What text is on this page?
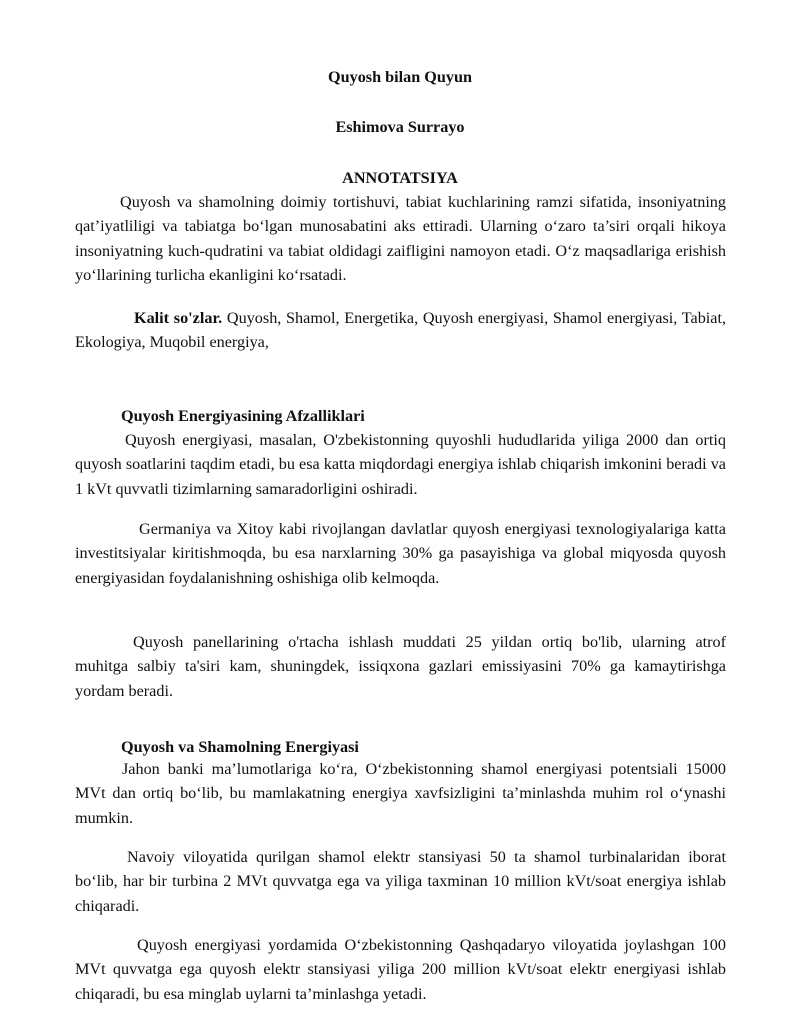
Quyosh bilan Quyun
Eshimova Surrayo
ANNOTATSIYA

Quyosh va shamolning doimiy tortishuvi, tabiat kuchlarining ramzi sifatida, insoniyatning qat’iyatliligi va tabiatga bo‘lgan munosabatini aks ettiradi. Ularning o‘zaro ta’siri orqali hikoya insoniyatning kuch-qudratini va tabiat oldidagi zaifligini namoyon etadi. O‘z maqsadlariga erishish yo‘llarining turlicha ekanligini ko‘rsatadi.

Kalit so'zlar. Quyosh, Shamol, Energetika, Quyosh energiyasi, Shamol energiyasi, Tabiat, Ekologiya, Muqobil energiya,

Quyosh Energiyasining Afzalliklari

Quyosh energiyasi, masalan, O'zbekistonning quyoshli hududlarida yiliga 2000 dan ortiq quyosh soatlarini taqdim etadi, bu esa katta miqdordagi energiya ishlab chiqarish imkonini beradi va 1 kVt quvvatli tizimlarning samaradorligini oshiradi.

Germaniya va Xitoy kabi rivojlangan davlatlar quyosh energiyasi texnologiyalariga katta investitsiyalar kiritishmoqda, bu esa narxlarning 30% ga pasayishiga va global miqyosda quyosh energiyasidan foydalanishning oshishiga olib kelmoqda.

Quyosh panellarining o'rtacha ishlash muddati 25 yildan ortiq bo'lib, ularning atrof muhitga salbiy ta'siri kam, shuningdek, issiqxona gazlari emissiyasini 70% ga kamaytirishga yordam beradi.

Quyosh va Shamolning Energiyasi

Jahon banki ma’lumotlariga ko‘ra, O‘zbekistonning shamol energiyasi potentsiali 15000 MVt dan ortiq bo‘lib, bu mamlakatning energiya xavfsizligini ta’minlashda muhim rol o‘ynashi mumkin.

Navoiy viloyatida qurilgan shamol elektr stansiyasi 50 ta shamol turbinalaridan iborat bo‘lib, har bir turbina 2 MVt quvvatga ega va yiliga taxminan 10 million kVt/soat energiya ishlab chiqaradi.

Quyosh energiyasi yordamida O‘zbekistonning Qashqadaryo viloyatida joylashgan 100 MVt quvvatga ega quyosh elektr stansiyasi yiliga 200 million kVt/soat elektr energiyasi ishlab chiqaradi, bu esa minglab uylarni ta’minlashga yetadi.
